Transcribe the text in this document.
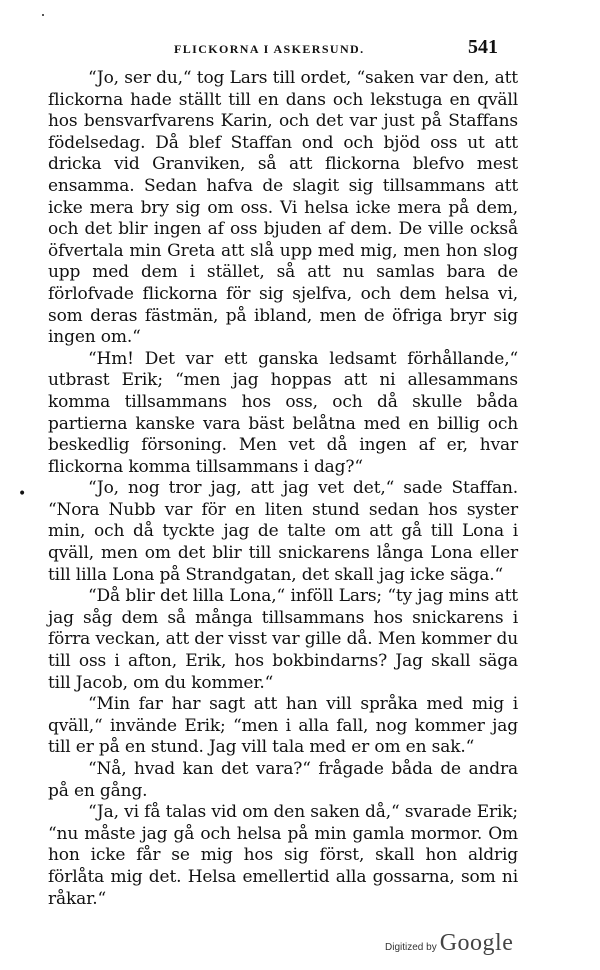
FLICKORNA I ASKERSUND.	541

“Jo, ser du,“ tog Lars till ordet, “saken var den, att flickorna hade ställt till en dans och lekstuga en qväll hos bensvarfvarens Karin, och det var just på Staffans födelsedag. Då blef Staffan ond och bjöd oss ut att dricka vid Granviken, så att flickorna blefvo mest ensamma. Sedan hafva de slagit sig tillsammans att icke mera bry sig om oss. Vi helsa icke mera på dem, och det blir ingen af oss bjuden af dem. De ville också öfvertala min Greta att slå upp med mig, men hon slog upp med dem i stället, så att nu samlas bara de förlofvade flickorna för sig sjelfva, och dem helsa vi, som deras fästmän, på ibland, men de öfriga bryr sig ingen om.“

“Hm! Det var ett ganska ledsamt förhållande,“ utbrast Erik; “men jag hoppas att ni allesammans komma tillsammans hos oss, och då skulle båda partierna kanske vara bäst belåtna med en billig och beskedlig försoning. Men vet då ingen af er, hvar flickorna komma tillsammans i dag?“

“Jo, nog tror jag, att jag vet det,“ sade Staffan. “Nora Nubb var för en liten stund sedan hos syster min, och då tyckte jag de talte om att gå till Lona i qväll, men om det blir till snickarens långa Lona eller till lilla Lona på Strandgatan, det skall jag icke säga.“

“Då blir det lilla Lona,“ inföll Lars; “ty jag mins att jag såg dem så många tillsammans hos snickarens i förra veckan, att der visst var gille då. Men kommer du till oss i afton, Erik, hos bokbindarns? Jag skall säga till Jacob, om du kommer.“

“Min far har sagt att han vill språka med mig i qväll,“ invände Erik; “men i alla fall, nog kommer jag till er på en stund. Jag vill tala med er om en sak.“

“Nå, hvad kan det vara?“ frågade båda de andra på en gång.

“Ja, vi få talas vid om den saken då,“ svarade Erik; “nu måste jag gå och helsa på min gamla mormor. Om hon icke får se mig hos sig först, skall hon aldrig förlåta mig det. Helsa emellertid alla gossarna, som ni råkar.“

•
Digitized by Google
